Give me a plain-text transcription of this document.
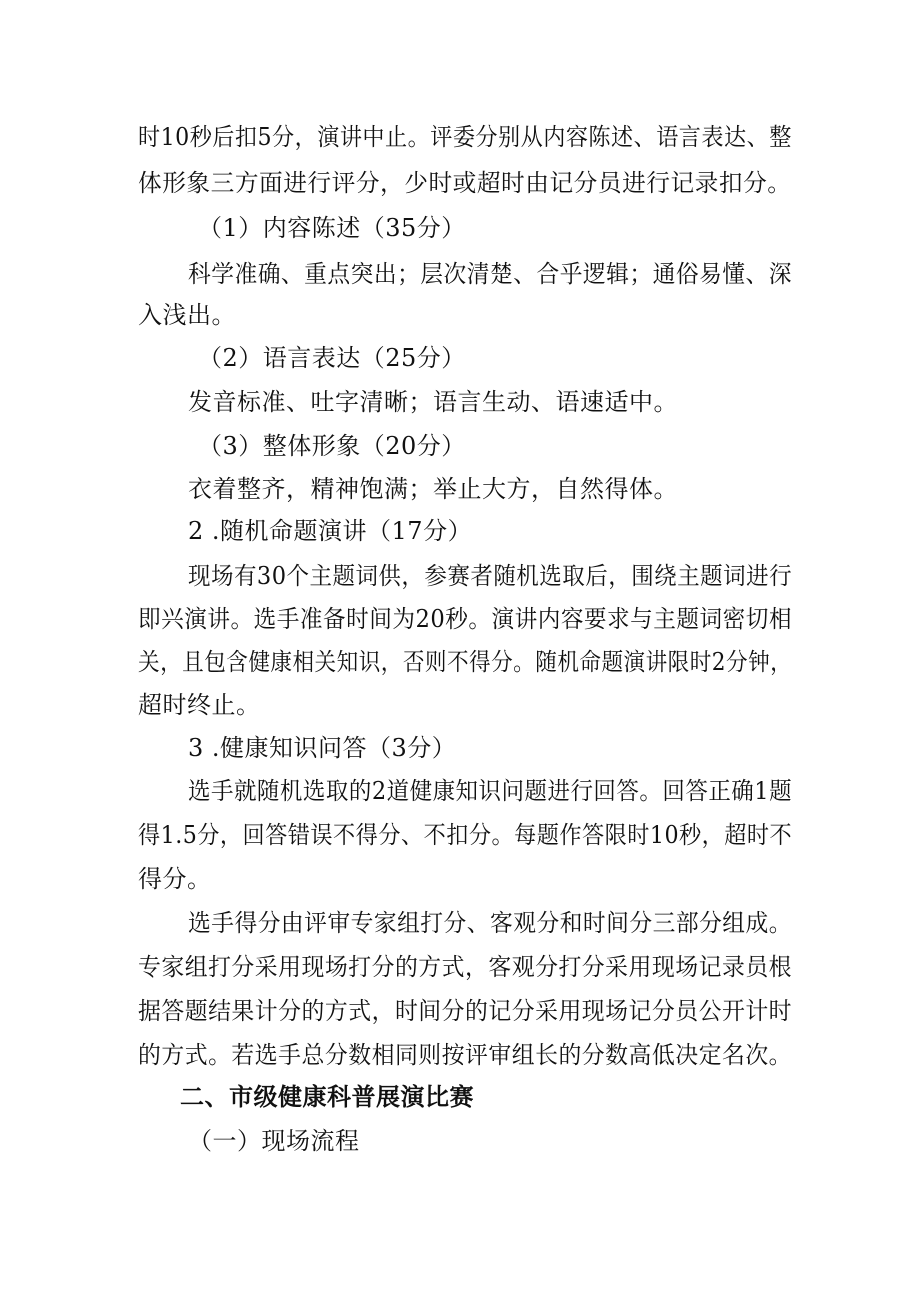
时10秒后扣5分，演讲中止。评委分别从内容陈述、语言表达、整
体形象三方面进行评分，少时或超时由记分员进行记录扣分。
（1）内容陈述（35分）
科学准确、重点突出；层次清楚、合乎逻辑；通俗易懂、深
入浅出。
（2）语言表达（25分）
发音标准、吐字清晰；语言生动、语速适中。
（3）整体形象（20分）
衣着整齐，精神饱满；举止大方，自然得体。
2 .随机命题演讲（17分）
现场有30个主题词供，参赛者随机选取后，围绕主题词进行
即兴演讲。选手准备时间为20秒。演讲内容要求与主题词密切相
关，且包含健康相关知识，否则不得分。随机命题演讲限时2分钟，
超时终止。
3 .健康知识问答（3分）
选手就随机选取的2道健康知识问题进行回答。回答正确1题
得1.5分，回答错误不得分、不扣分。每题作答限时10秒，超时不
得分。
选手得分由评审专家组打分、客观分和时间分三部分组成。
专家组打分采用现场打分的方式，客观分打分采用现场记录员根
据答题结果计分的方式，时间分的记分采用现场记分员公开计时
的方式。若选手总分数相同则按评审组长的分数高低决定名次。
二、市级健康科普展演比赛
（一）现场流程
